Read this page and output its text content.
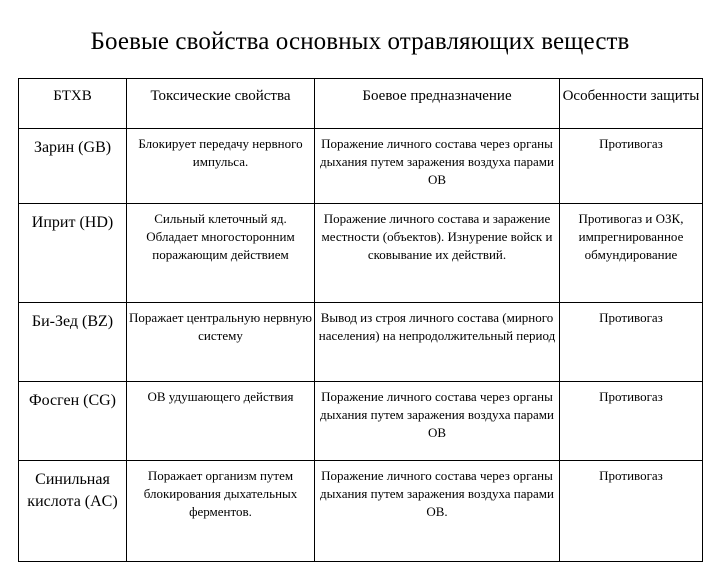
Боевые свойства основных отравляющих веществ
БТХВ	Токсические свойства	Боевое предназначение	Особенности защиты
Зарин (GB)	Блокирует передачу нервного импульса.	Поражение личного состава через органы дыхания путем заражения воздуха парами ОВ	Противогаз
Иприт (HD)	Сильный клеточный яд. Обладает многосторонним поражающим действием	Поражение личного состава и заражение местности (объектов). Изнурение войск и сковывание их действий.	Противогаз и ОЗК, импрегнированное обмундирование
Би-Зед (BZ)	Поражает центральную нервную систему	Вывод из строя личного состава (мирного населения) на непродолжительный период	Противогаз
Фосген (CG)	ОВ удушающего действия	Поражение личного состава через органы дыхания путем заражения воздуха парами ОВ	Противогаз
Синильная кислота (AC)	Поражает организм путем блокирования дыхательных ферментов.	Поражение личного состава через органы дыхания путем заражения воздуха парами ОВ.	Противогаз
